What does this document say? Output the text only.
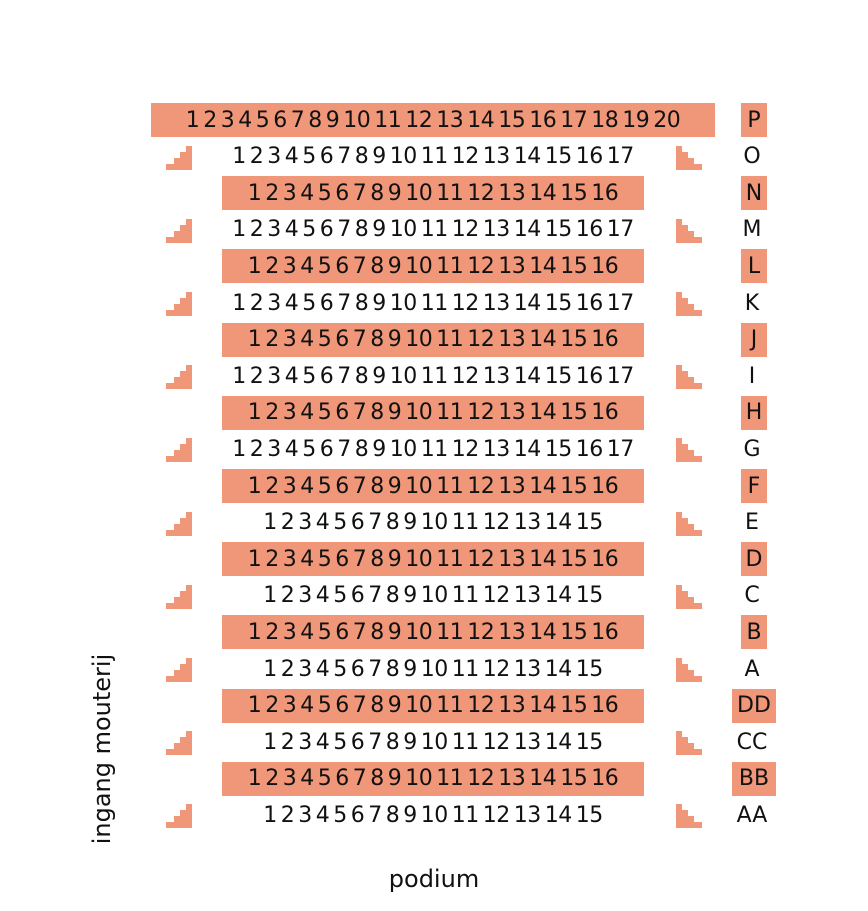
1 2 3 4 5 6 7 8 9 10 11 12 13 14 15 16 17 18 19 20	P
1 2 3 4 5 6 7 8 9 10 11 12 13 14 15 16 17	O
1 2 3 4 5 6 7 8 9 10 11 12 13 14 15 16	N
1 2 3 4 5 6 7 8 9 10 11 12 13 14 15 16 17	M
1 2 3 4 5 6 7 8 9 10 11 12 13 14 15 16	L
1 2 3 4 5 6 7 8 9 10 11 12 13 14 15 16 17	K
1 2 3 4 5 6 7 8 9 10 11 12 13 14 15 16	J
1 2 3 4 5 6 7 8 9 10 11 12 13 14 15 16 17	I
1 2 3 4 5 6 7 8 9 10 11 12 13 14 15 16	H
1 2 3 4 5 6 7 8 9 10 11 12 13 14 15 16 17	G
1 2 3 4 5 6 7 8 9 10 11 12 13 14 15 16	F
1 2 3 4 5 6 7 8 9 10 11 12 13 14 15	E
1 2 3 4 5 6 7 8 9 10 11 12 13 14 15 16	D
1 2 3 4 5 6 7 8 9 10 11 12 13 14 15	C
1 2 3 4 5 6 7 8 9 10 11 12 13 14 15 16	B
1 2 3 4 5 6 7 8 9 10 11 12 13 14 15	A
1 2 3 4 5 6 7 8 9 10 11 12 13 14 15 16	DD
1 2 3 4 5 6 7 8 9 10 11 12 13 14 15	CC
1 2 3 4 5 6 7 8 9 10 11 12 13 14 15 16	BB
1 2 3 4 5 6 7 8 9 10 11 12 13 14 15	AA
podium
ingang mouterij
